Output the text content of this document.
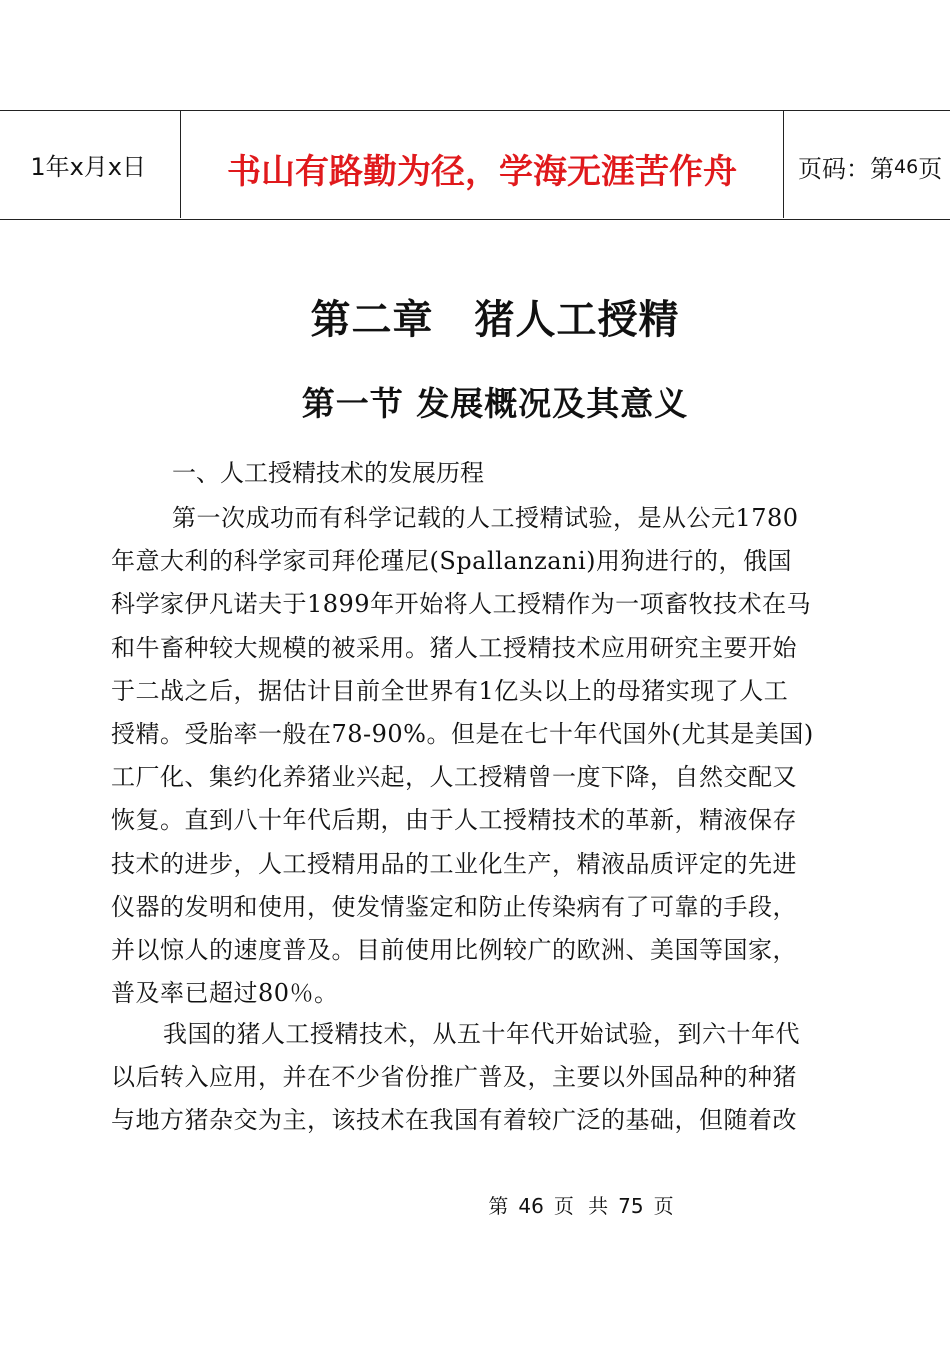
1年x月x日 书山有路勤为径，学海无涯苦作舟	页码：第 46 页
第二章　猪人工授精
第一节 发展概况及其意义
一、人工授精技术的发展历程
第一次成功而有科学记载的人工授精试验，是从公元1780
年意大利的科学家司拜伦瑾尼(Spallanzani)用狗进行的，俄国
科学家伊凡诺夫于1899年开始将人工授精作为一项畜牧技术在马
和牛畜种较大规模的被采用。猪人工授精技术应用研究主要开始
于二战之后，据估计目前全世界有1亿头以上的母猪实现了人工
授精。受胎率一般在78-90%。但是在七十年代国外(尤其是美国)
工厂化、集约化养猪业兴起，人工授精曾一度下降，自然交配又
恢复。直到八十年代后期，由于人工授精技术的革新，精液保存
技术的进步，人工授精用品的工业化生产，精液品质评定的先进
仪器的发明和使用，使发情鉴定和防止传染病有了可靠的手段，
并以惊人的速度普及。目前使用比例较广的欧洲、美国等国家，
普及率已超过80％。
我国的猪人工授精技术，从五十年代开始试验，到六十年代
以后转入应用，并在不少省份推广普及，主要以外国品种的种猪
与地方猪杂交为主，该技术在我国有着较广泛的基础，但随着改
第 46 页 共 75 页
